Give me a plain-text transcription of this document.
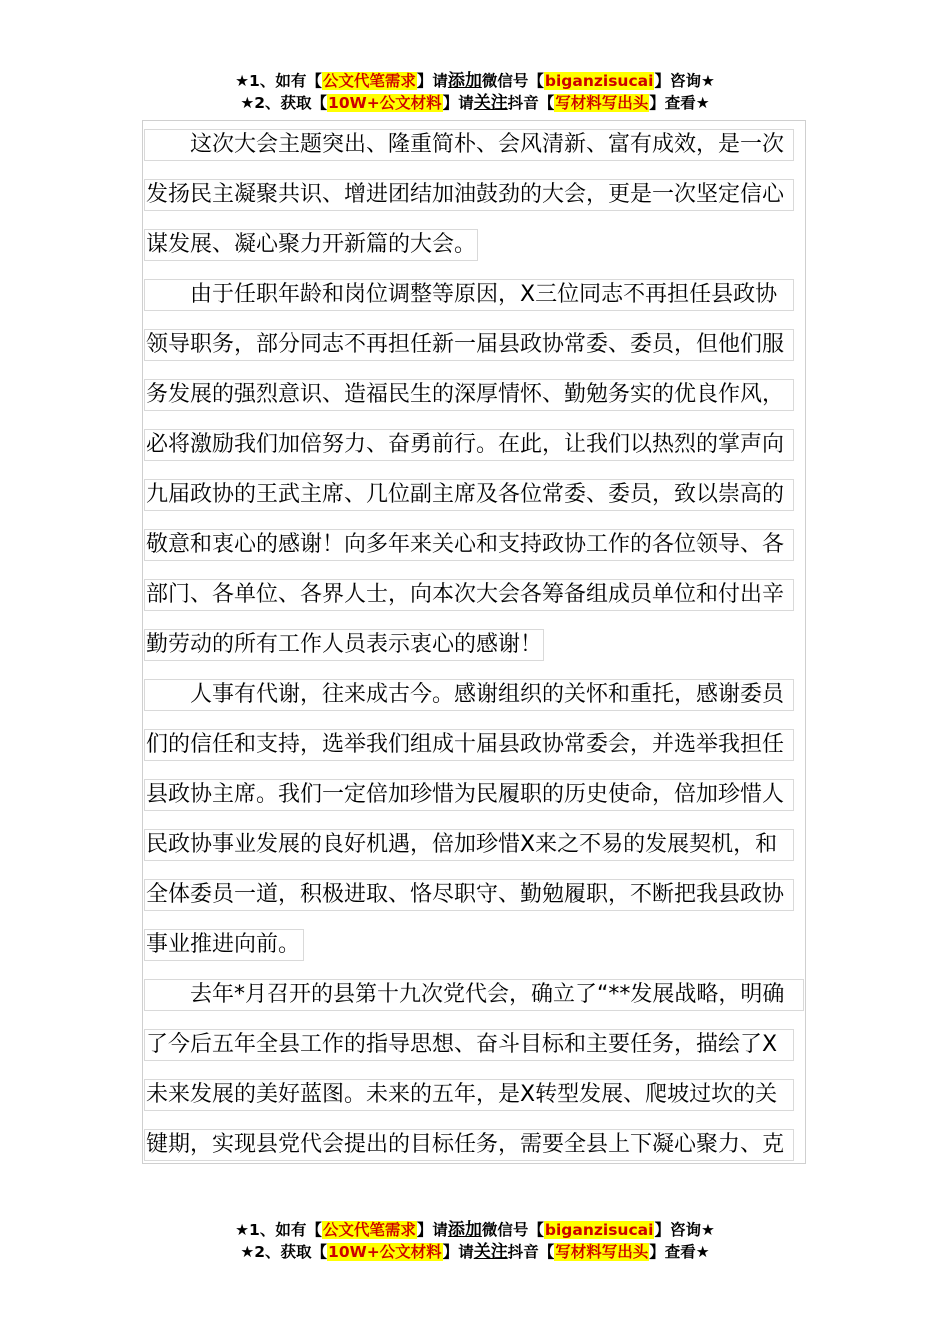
★1、如有【公文代笔需求】请添加微信号【biganzisucai】咨询★
★2、获取【10W+公文材料】请关注抖音【写材料写出头】查看★
这次大会主题突出、隆重简朴、会风清新、富有成效，是一次
发扬民主凝聚共识、增进团结加油鼓劲的大会，更是一次坚定信心
谋发展、凝心聚力开新篇的大会。
由于任职年龄和岗位调整等原因，X三位同志不再担任县政协
领导职务，部分同志不再担任新一届县政协常委、委员，但他们服
务发展的强烈意识、造福民生的深厚情怀、勤勉务实的优良作风，
必将激励我们加倍努力、奋勇前行。在此，让我们以热烈的掌声向
九届政协的王武主席、几位副主席及各位常委、委员，致以崇高的
敬意和衷心的感谢！向多年来关心和支持政协工作的各位领导、各
部门、各单位、各界人士，向本次大会各筹备组成员单位和付出辛
勤劳动的所有工作人员表示衷心的感谢！
人事有代谢，往来成古今。感谢组织的关怀和重托，感谢委员
们的信任和支持，选举我们组成十届县政协常委会，并选举我担任
县政协主席。我们一定倍加珍惜为民履职的历史使命，倍加珍惜人
民政协事业发展的良好机遇，倍加珍惜X来之不易的发展契机，和
全体委员一道，积极进取、恪尽职守、勤勉履职，不断把我县政协
事业推进向前。
去年*月召开的县第十九次党代会，确立了“**发展战略，明确
了今后五年全县工作的指导思想、奋斗目标和主要任务，描绘了X
未来发展的美好蓝图。未来的五年，是X转型发展、爬坡过坎的关
键期，实现县党代会提出的目标任务，需要全县上下凝心聚力、克
★1、如有【公文代笔需求】请添加微信号【biganzisucai】咨询★
★2、获取【10W+公文材料】请关注抖音【写材料写出头】查看★
